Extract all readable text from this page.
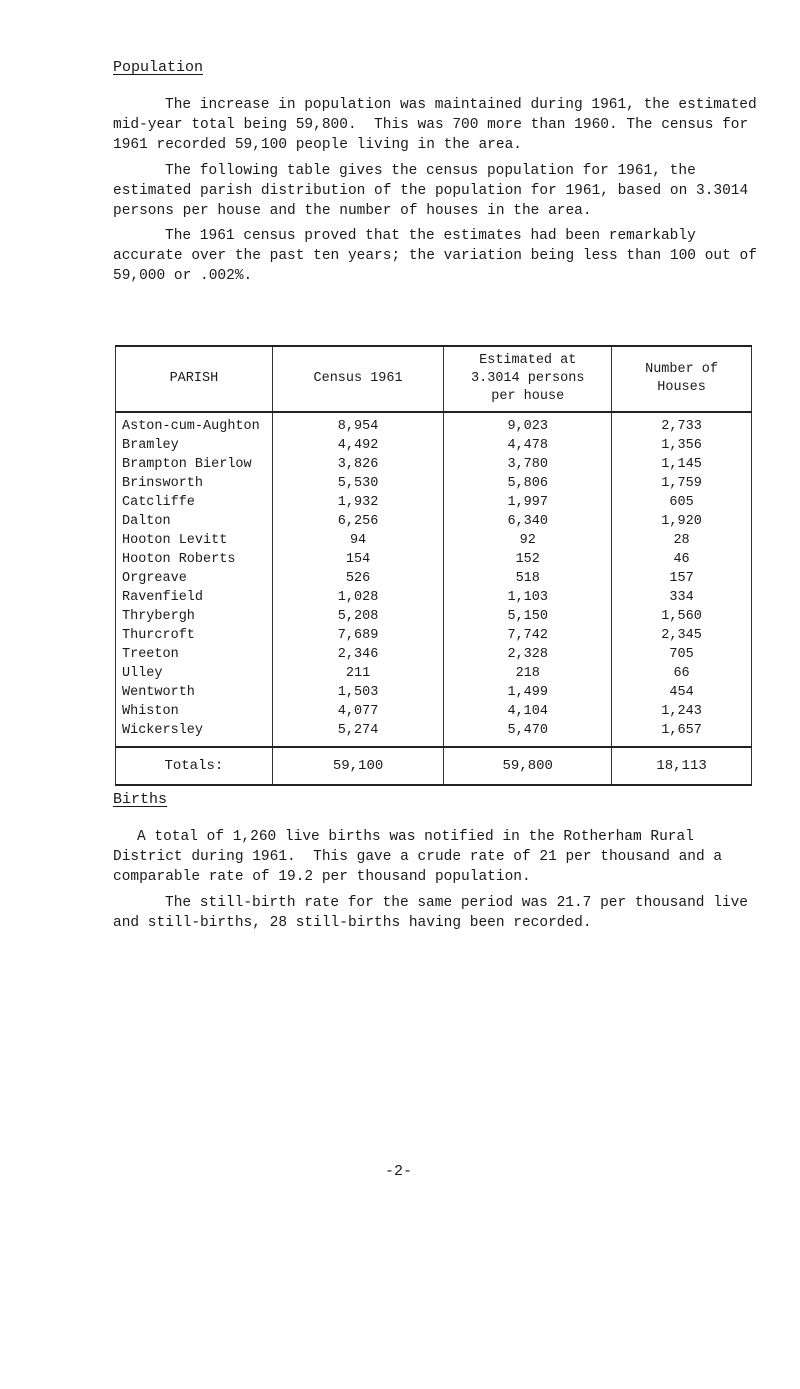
Population

The increase in population was maintained during 1961, the estimated mid-year total being 59,800.  This was 700 more than 1960. The census for 1961 recorded 59,100 people living in the area.

The following table gives the census population for 1961, the estimated parish distribution of the population for 1961, based on 3.3014 persons per house and the number of houses in the area.

The 1961 census proved that the estimates had been remarkably accurate over the past ten years; the variation being less than 100 out of 59,000 or .002%.

PARISH	Census 1961	Estimated at 3.3014 persons per house	Number of Houses
Aston-cum-Aughton	8,954	9,023	2,733
Bramley	4,492	4,478	1,356
Brampton Bierlow	3,826	3,780	1,145
Brinsworth	5,530	5,806	1,759
Catcliffe	1,932	1,997	605
Dalton	6,256	6,340	1,920
Hooton Levitt	94	92	28
Hooton Roberts	154	152	46
Orgreave	526	518	157
Ravenfield	1,028	1,103	334
Thrybergh	5,208	5,150	1,560
Thurcroft	7,689	7,742	2,345
Treeton	2,346	2,328	705
Ulley	211	218	66
Wentworth	1,503	1,499	454
Whiston	4,077	4,104	1,243
Wickersley	5,274	5,470	1,657
Totals:	59,100	59,800	18,113
Births

A total of 1,260 live births was notified in the Rotherham Rural District during 1961.  This gave a crude rate of 21 per thousand and a comparable rate of 19.2 per thousand population.

The still-birth rate for the same period was 21.7 per thousand live and still-births, 28 still-births having been recorded.

-2-
